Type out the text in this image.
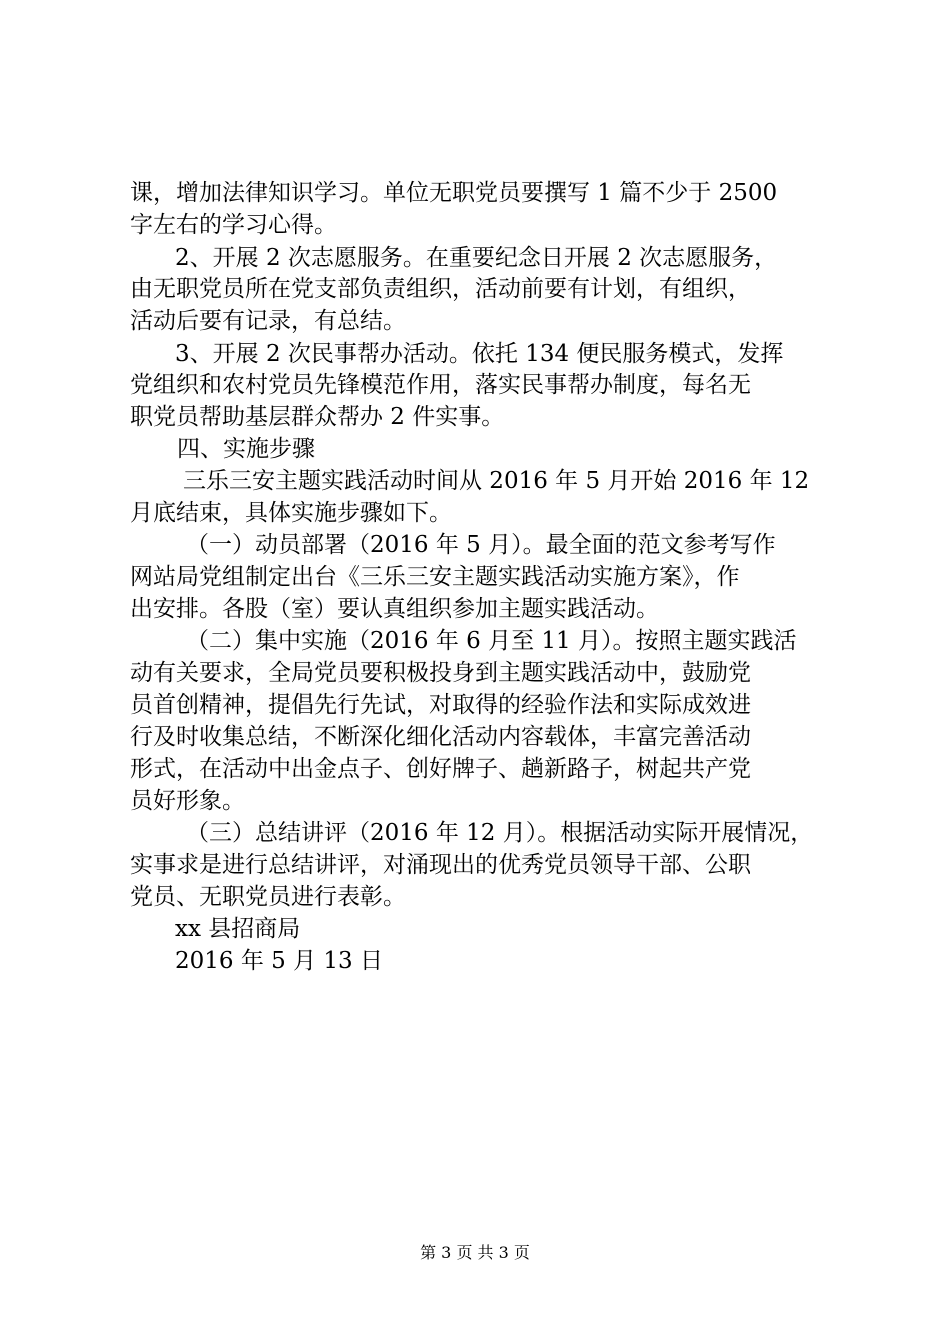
课，增加法律知识学习。单位无职党员要撰写 1 篇不少于 2500
字左右的学习心得。
2、开展 2 次志愿服务。在重要纪念日开展 2 次志愿服务，
由无职党员所在党支部负责组织，活动前要有计划，有组织，
活动后要有记录，有总结。
3、开展 2 次民事帮办活动。依托 134 便民服务模式，发挥
党组织和农村党员先锋模范作用，落实民事帮办制度，每名无
职党员帮助基层群众帮办 2 件实事。
四、实施步骤
三乐三安主题实践活动时间从 2016 年 5 月开始 2016 年 12
月底结束，具体实施步骤如下。
（一）动员部署（2016 年 5 月）。最全面的范文参考写作
网站局党组制定出台《三乐三安主题实践活动实施方案》，作
出安排。各股（室）要认真组织参加主题实践活动。
（二）集中实施（2016 年 6 月至 11 月）。按照主题实践活
动有关要求，全局党员要积极投身到主题实践活动中，鼓励党
员首创精神，提倡先行先试，对取得的经验作法和实际成效进
行及时收集总结，不断深化细化活动内容载体，丰富完善活动
形式，在活动中出金点子、创好牌子、趟新路子，树起共产党
员好形象。
（三）总结讲评（2016 年 12 月）。根据活动实际开展情况，
实事求是进行总结讲评，对涌现出的优秀党员领导干部、公职
党员、无职党员进行表彰。
xx 县招商局
2016 年 5 月 13 日
第 3 页 共 3 页
